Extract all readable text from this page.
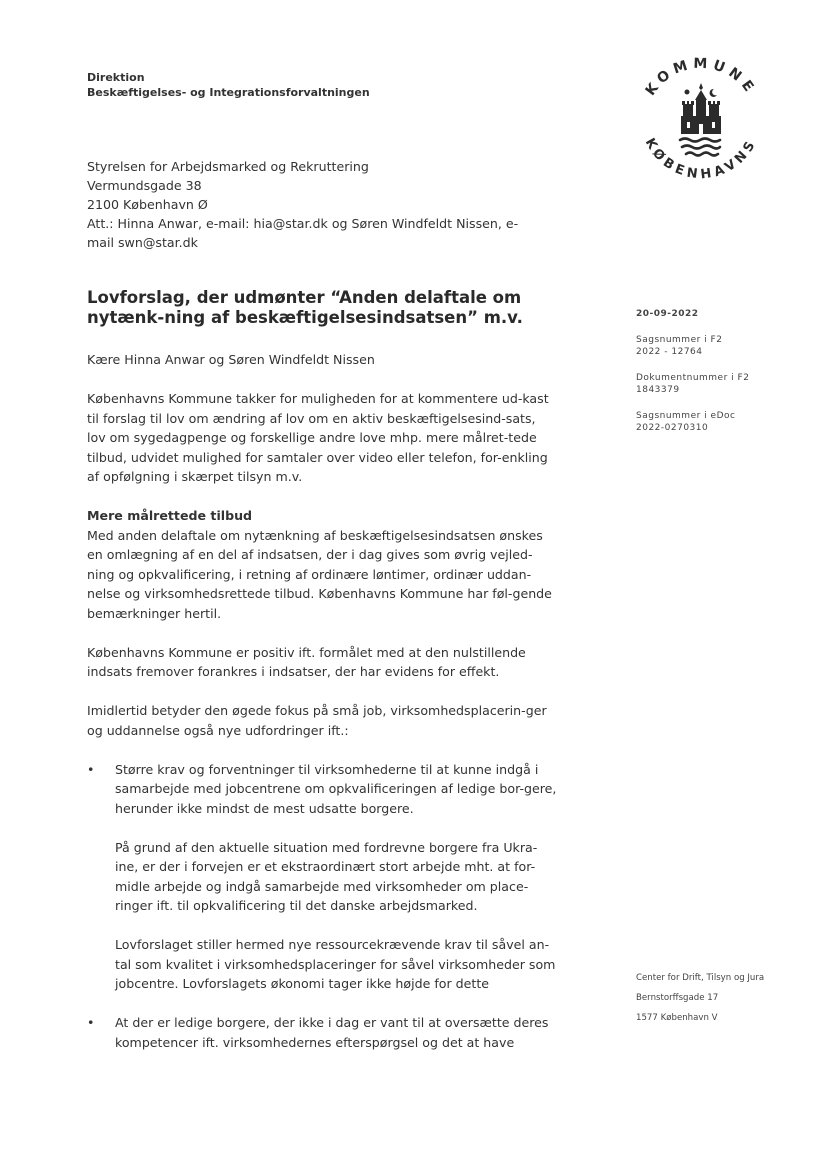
Direktion
Beskæftigelses- og Integrationsforvaltningen	KOMMUNE
KØBENHAVNS
Styrelsen for Arbejdsmarked og Rekruttering
Vermundsgade 38
2100 København Ø
Att.: Hinna Anwar, e-mail: hia@star.dk og Søren Windfeldt Nissen, e-
mail swn@star.dk
Lovforslag, der udmønter “Anden delaftale om nytænk-ning af beskæftigelsesindsatsen” m.v.	20-09-2022
Sagsnummer i F2
2022 - 12764
Dokumentnummer i F2
1843379
Sagsnummer i eDoc
2022-0270310

Kære Hinna Anwar og Søren Windfeldt Nissen

Københavns Kommune takker for muligheden for at kommentere ud-kast til forslag til lov om ændring af lov om en aktiv beskæftigelsesind-sats, lov om sygedagpenge og forskellige andre love mhp. mere målret-tede tilbud, udvidet mulighed for samtaler over video eller telefon, for-enkling af opfølgning i skærpet tilsyn m.v.

Mere målrettede tilbud

Med anden delaftale om nytænkning af beskæftigelsesindsatsen ønskes en omlægning af en del af indsatsen, der i dag gives som øvrig vejled-ning og opkvalificering, i retning af ordinære løntimer, ordinær uddan-nelse og virksomhedsrettede tilbud. Københavns Kommune har føl-gende bemærkninger hertil.

Københavns Kommune er positiv ift. formålet med at den nulstillende indsats fremover forankres i indsatser, der har evidens for effekt.

Imidlertid betyder den øgede fokus på små job, virksomhedsplacerin-ger og uddannelse også nye udfordringer ift.:

• Større krav og forventninger til virksomhederne til at kunne indgå i samarbejde med jobcentrene om opkvalificeringen af ledige bor-gere, herunder ikke mindst de mest udsatte borgere.

På grund af den aktuelle situation med fordrevne borgere fra Ukra-ine, er der i forvejen er et ekstraordinært stort arbejde mht. at for-midle arbejde og indgå samarbejde med virksomheder om place-ringer ift. til opkvalificering til det danske arbejdsmarked.

Lovforslaget stiller hermed nye ressourcekrævende krav til såvel an-tal som kvalitet i virksomhedsplaceringer for såvel virksomheder som jobcentre. Lovforslagets økonomi tager ikke højde for dette

• At der er ledige borgere, der ikke i dag er vant til at oversætte deres kompetencer ift. virksomhedernes efterspørgsel og det at have

Center for Drift, Tilsyn og Jura
Bernstorffsgade 17
1577 København V
